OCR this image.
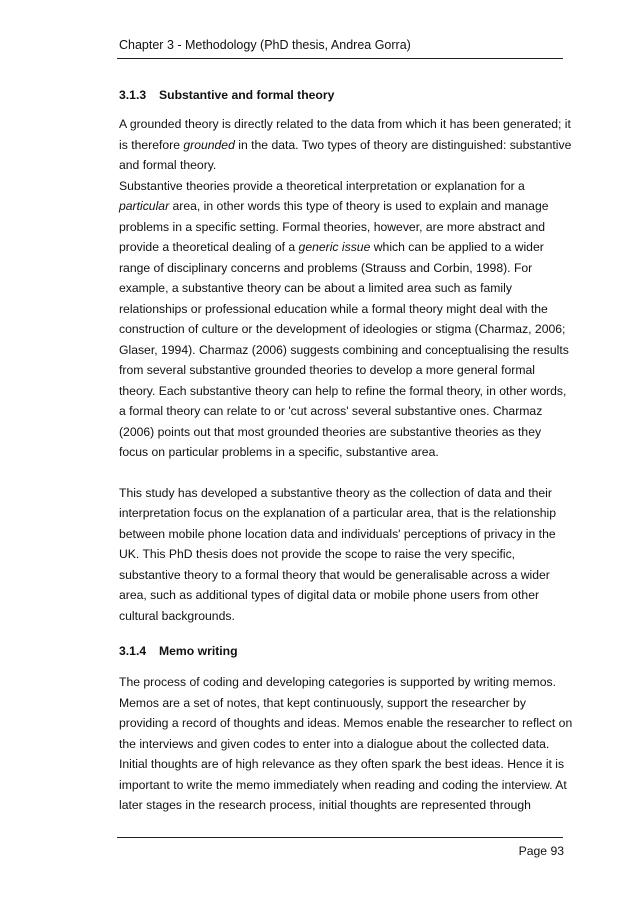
Chapter 3 - Methodology (PhD thesis, Andrea Gorra)
3.1.3	Substantive and formal theory
A grounded theory is directly related to the data from which it has been generated; it
is therefore grounded in the data. Two types of theory are distinguished: substantive
and formal theory.
Substantive theories provide a theoretical interpretation or explanation for a
particular area, in other words this type of theory is used to explain and manage
problems in a specific setting. Formal theories, however, are more abstract and
provide a theoretical dealing of a generic issue which can be applied to a wider
range of disciplinary concerns and problems (Strauss and Corbin, 1998). For
example, a substantive theory can be about a limited area such as family
relationships or professional education while a formal theory might deal with the
construction of culture or the development of ideologies or stigma (Charmaz, 2006;
Glaser, 1994). Charmaz (2006) suggests combining and conceptualising the results
from several substantive grounded theories to develop a more general formal
theory. Each substantive theory can help to refine the formal theory, in other words,
a formal theory can relate to or 'cut across' several substantive ones. Charmaz
(2006) points out that most grounded theories are substantive theories as they
focus on particular problems in a specific, substantive area.
This study has developed a substantive theory as the collection of data and their
interpretation focus on the explanation of a particular area, that is the relationship
between mobile phone location data and individuals' perceptions of privacy in the
UK. This PhD thesis does not provide the scope to raise the very specific,
substantive theory to a formal theory that would be generalisable across a wider
area, such as additional types of digital data or mobile phone users from other
cultural backgrounds.
3.1.4	Memo writing
The process of coding and developing categories is supported by writing memos.
Memos are a set of notes, that kept continuously, support the researcher by
providing a record of thoughts and ideas. Memos enable the researcher to reflect on
the interviews and given codes to enter into a dialogue about the collected data.
Initial thoughts are of high relevance as they often spark the best ideas. Hence it is
important to write the memo immediately when reading and coding the interview. At
later stages in the research process, initial thoughts are represented through
Page 93
